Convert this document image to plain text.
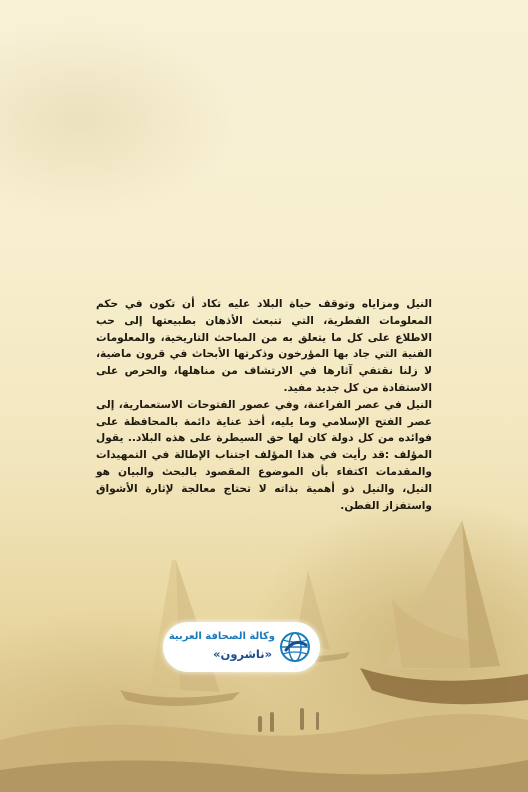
النيل ومزاياه وتوقف حياة البلاد عليه تكاد أن تكون في حكم المعلومات الفطرية، التي تنبعث الأذهان بطبيعتها إلى حب الاطلاع على كل ما يتعلق به من المباحث التاريخية، والمعلومات الفنية التي جاد بها المؤرخون وذكرتها الأبحاث في قرون ماضية، لا زلنا نقتفي آثارها في الارتشاف من مناهلها، والحرص على الاستفادة من كل جديد مفيد.

النيل في عصر الفراعنة، وفي عصور الفتوحات الاستعمارية، إلى عصر الفتح الإسلامي وما يليه، أخذ عناية دائمة بالمحافظة على فوائده من كل دولة كان لها حق السيطرة على هذه البلاد.. يقول المؤلف :قد رأيت في هذا المؤلف اجتناب الإطالة في التمهيدات والمقدمات اكتفاء بأن الموضوع المقصود بالبحث والبيان هو النيل، والنيل ذو أهمية بذاته لا تحتاج معالجة لإثارة الأشواق واستفزاز الفطن.

وكالة الصحافة العربية
«ناشرون»
